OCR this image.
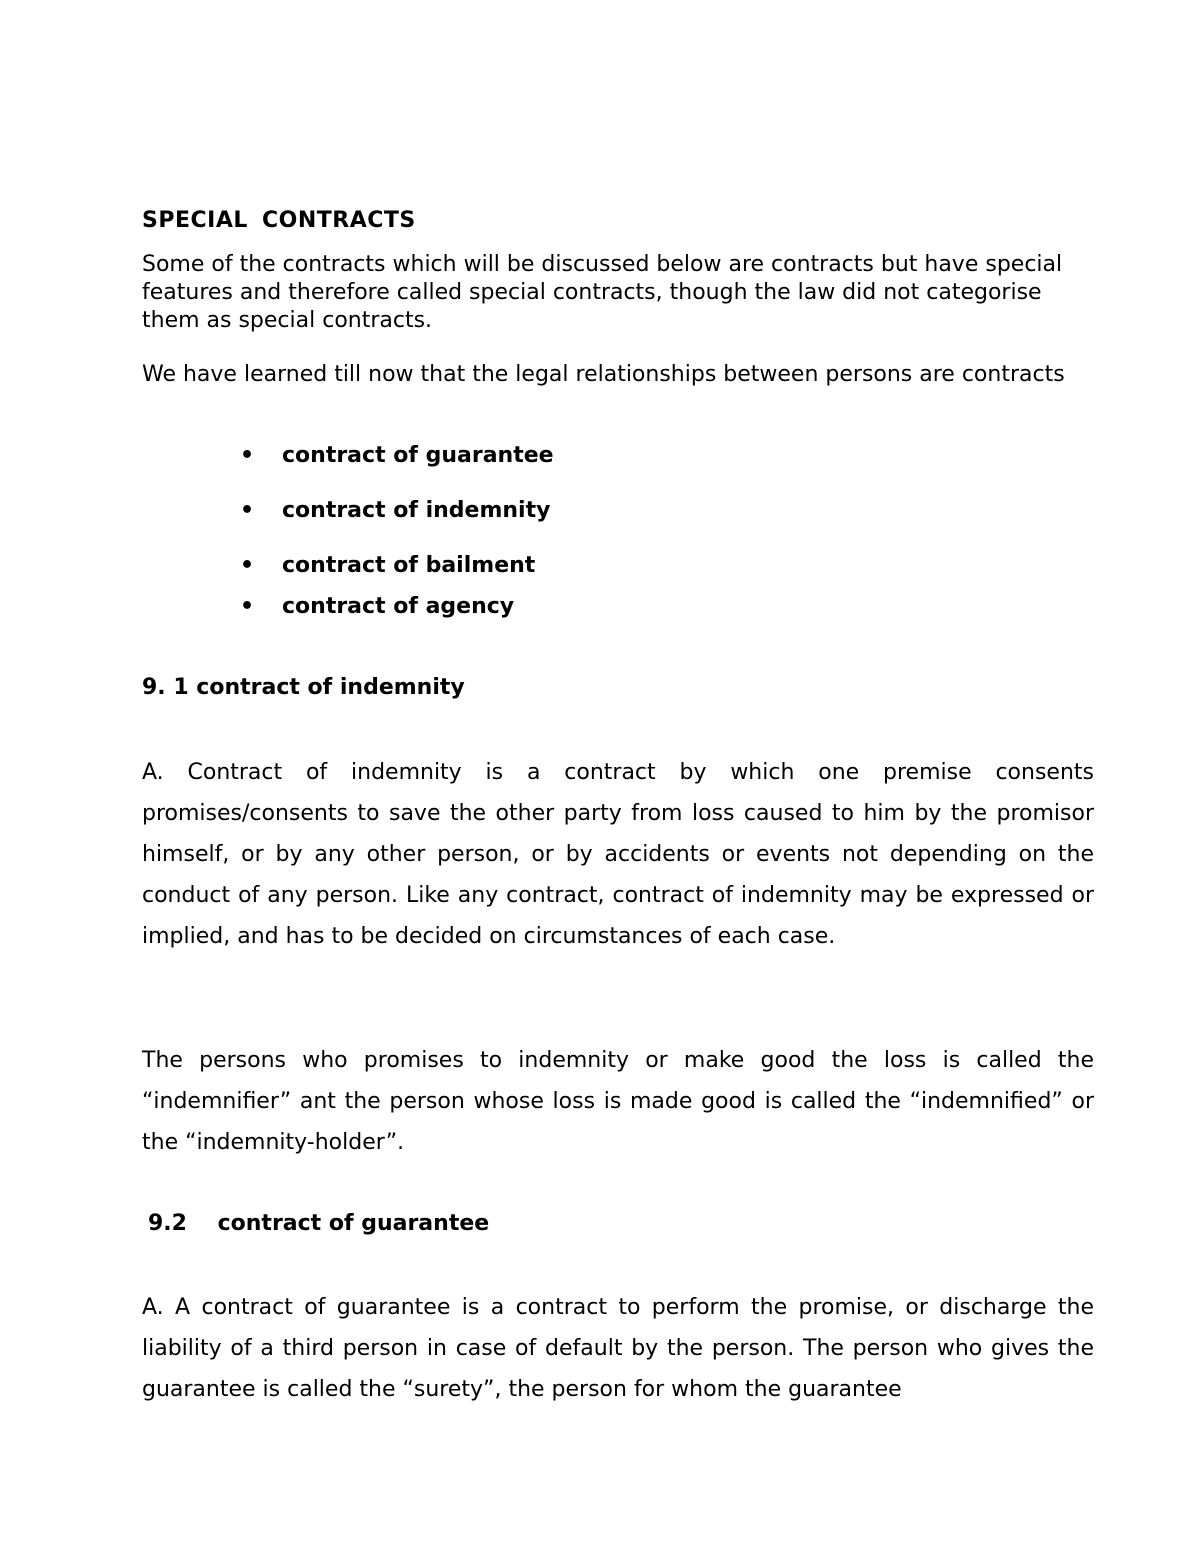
SPECIAL CONTRACTS

Some of the contracts which will be discussed below are contracts but have special features and therefore called special contracts, though the law did not categorise them as special contracts.

We have learned till now that the legal relationships between persons are contracts

•	contract of guarantee
•	contract of indemnity
•	contract of bailment
•	contract of agency

9. 1 contract of indemnity

A. Contract of indemnity is a contract by which one premise consents promises/consents to save the other party from loss caused to him by the promisor himself, or by any other person, or by accidents or events not depending on the conduct of any person. Like any contract, contract of indemnity may be expressed or implied, and has to be decided on circumstances of each case.

The persons who promises to indemnity or make good the loss is called the “indemnifier” ant the person whose loss is made good is called the “indemnified” or the “indemnity-holder”.

9.2    contract of guarantee

A. A contract of guarantee is a contract to perform the promise, or discharge the liability of a third person in case of default by the person. The person who gives the guarantee is called the “surety”, the person for whom the guarantee
